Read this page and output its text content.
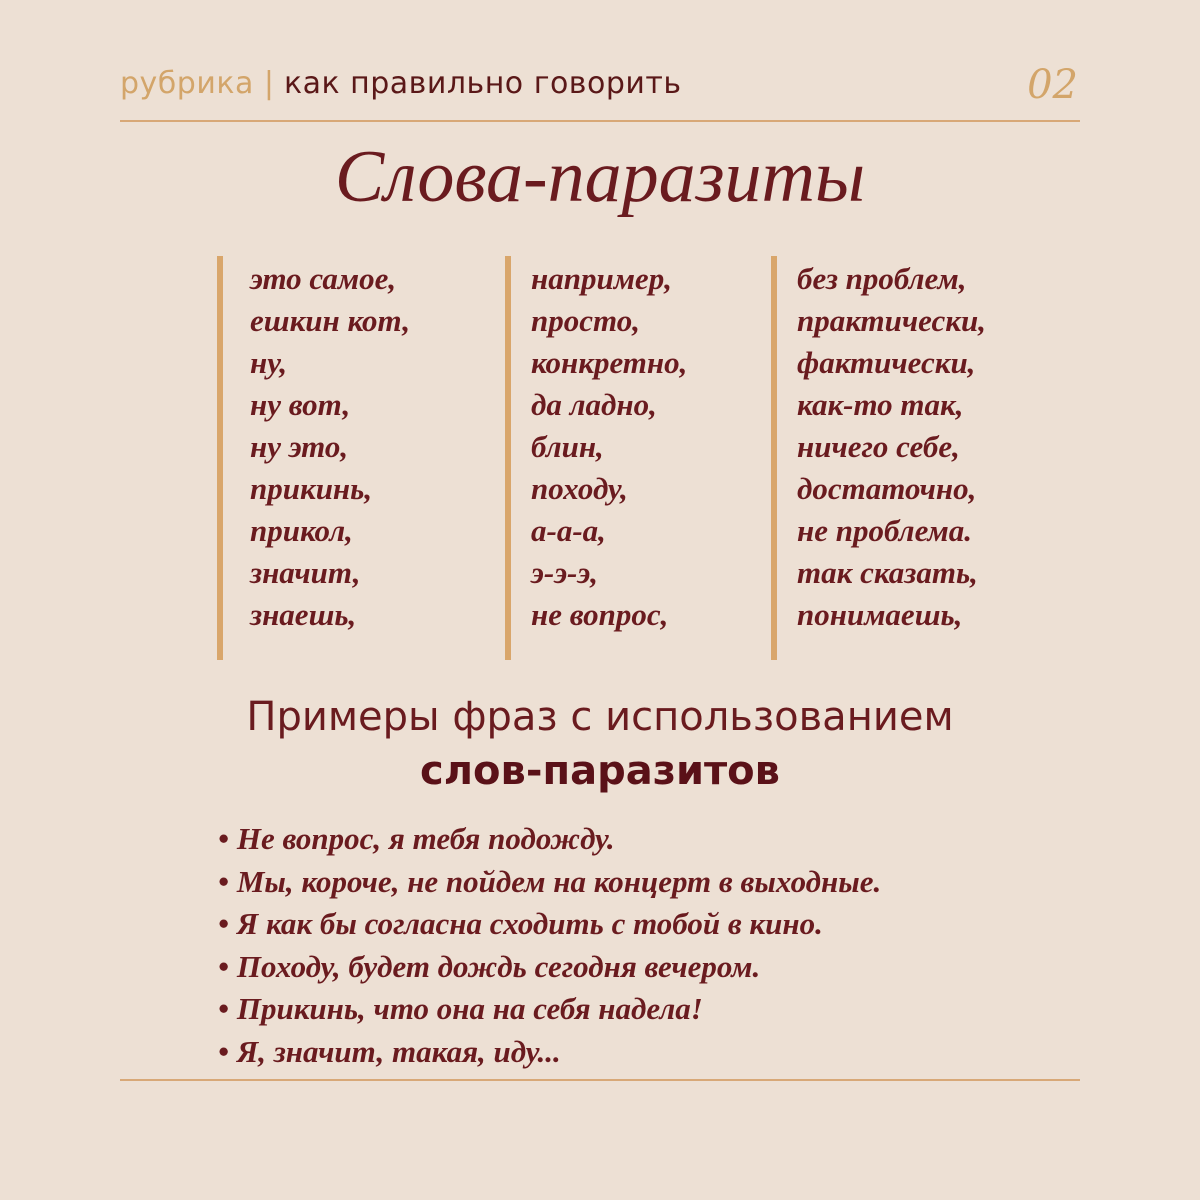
рубрика | как правильно говорить	02
Слова-паразиты
это самое,
ешкин кот,
ну,
ну вот,
ну это,
прикинь,
прикол,
значит,
знаешь,
например,
просто,
конкретно,
да ладно,
блин,
походу,
а-а-а,
э-э-э,
не вопрос,
без проблем,
практически,
фактически,
как-то так,
ничего себе,
достаточно,
не проблема.
так сказать,
понимаешь,
Примеры фраз с использованием
слов-паразитов
• Не вопрос, я тебя подожду.
• Мы, короче, не пойдем на концерт в выходные.
• Я как бы согласна сходить с тобой в кино.
• Походу, будет дождь сегодня вечером.
• Прикинь, что она на себя надела!
• Я, значит, такая, иду...
